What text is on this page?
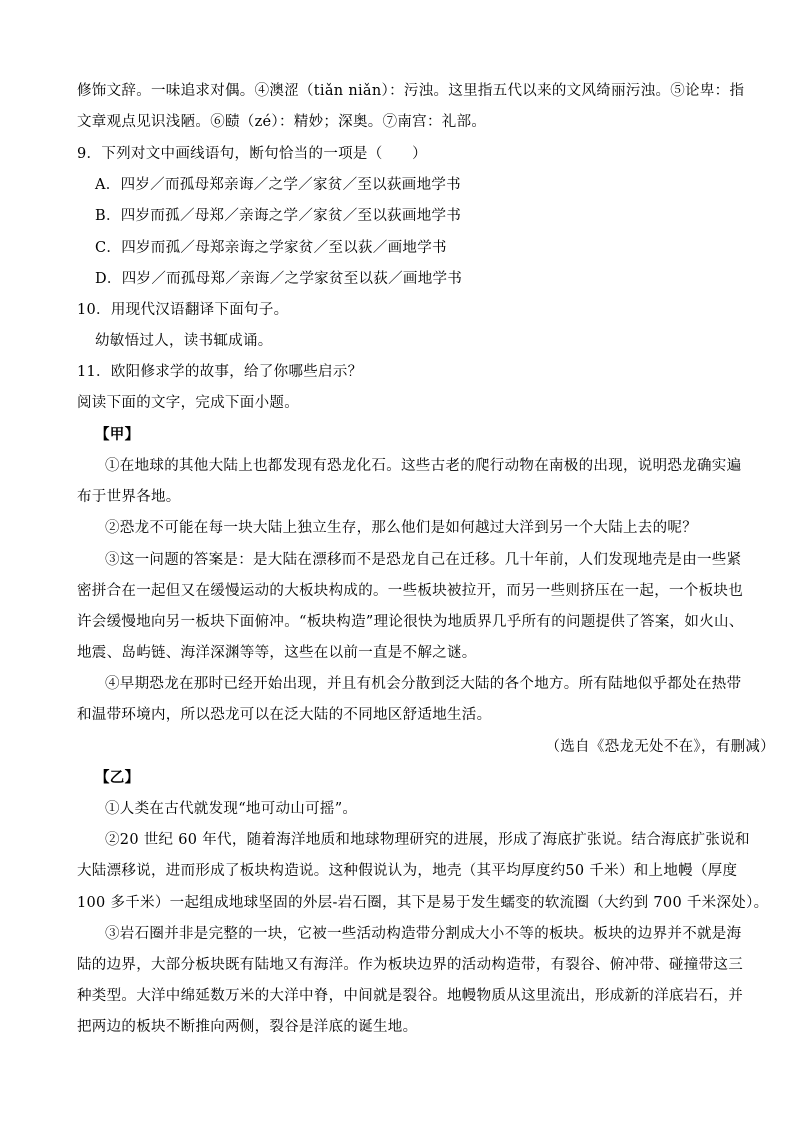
修饰文辞。一味追求对偶。④澳涩（tiǎn niǎn）：污浊。这里指五代以来的文风绮丽污浊。⑤论卑：指
文章观点见识浅陋。⑥赜（zé）：精妙；深奥。⑦南宫：礼部。
9．下列对文中画线语句，断句恰当的一项是（　　）
A．四岁／而孤母郑亲诲／之学／家贫／至以荻画地学书
B．四岁而孤／母郑／亲诲之学／家贫／至以荻画地学书
C．四岁而孤／母郑亲诲之学家贫／至以荻／画地学书
D．四岁／而孤母郑／亲诲／之学家贫至以荻／画地学书
10．用现代汉语翻译下面句子。
幼敏悟过人，读书辄成诵。
11．欧阳修求学的故事，给了你哪些启示？
阅读下面的文字，完成下面小题。
【甲】
①在地球的其他大陆上也都发现有恐龙化石。这些古老的爬行动物在南极的出现，说明恐龙确实遍
布于世界各地。
②恐龙不可能在每一块大陆上独立生存，那么他们是如何越过大洋到另一个大陆上去的呢？
③这一问题的答案是：是大陆在漂移而不是恐龙自己在迁移。几十年前，人们发现地壳是由一些紧
密拼合在一起但又在缓慢运动的大板块构成的。一些板块被拉开，而另一些则挤压在一起，一个板块也
许会缓慢地向另一板块下面俯冲。“板块构造”理论很快为地质界几乎所有的问题提供了答案，如火山、
地震、岛屿链、海洋深渊等等，这些在以前一直是不解之谜。
④早期恐龙在那时已经开始出现，并且有机会分散到泛大陆的各个地方。所有陆地似乎都处在热带
和温带环境内，所以恐龙可以在泛大陆的不同地区舒适地生活。
（选自《恐龙无处不在》，有删减）
【乙】
①人类在古代就发现“地可动山可摇”。
②20 世纪 60 年代，随着海洋地质和地球物理研究的进展，形成了海底扩张说。结合海底扩张说和
大陆漂移说，进而形成了板块构造说。这种假说认为，地壳（其平均厚度约50 千米）和上地幔（厚度
100 多千米）一起组成地球坚固的外层-岩石圈，其下是易于发生蠕变的软流圈（大约到 700 千米深处）。
③岩石圈并非是完整的一块，它被一些活动构造带分割成大小不等的板块。板块的边界并不就是海
陆的边界，大部分板块既有陆地又有海洋。作为板块边界的活动构造带，有裂谷、俯冲带、碰撞带这三
种类型。大洋中绵延数万米的大洋中脊，中间就是裂谷。地幔物质从这里流出，形成新的洋底岩石，并
把两边的板块不断推向两侧，裂谷是洋底的诞生地。
